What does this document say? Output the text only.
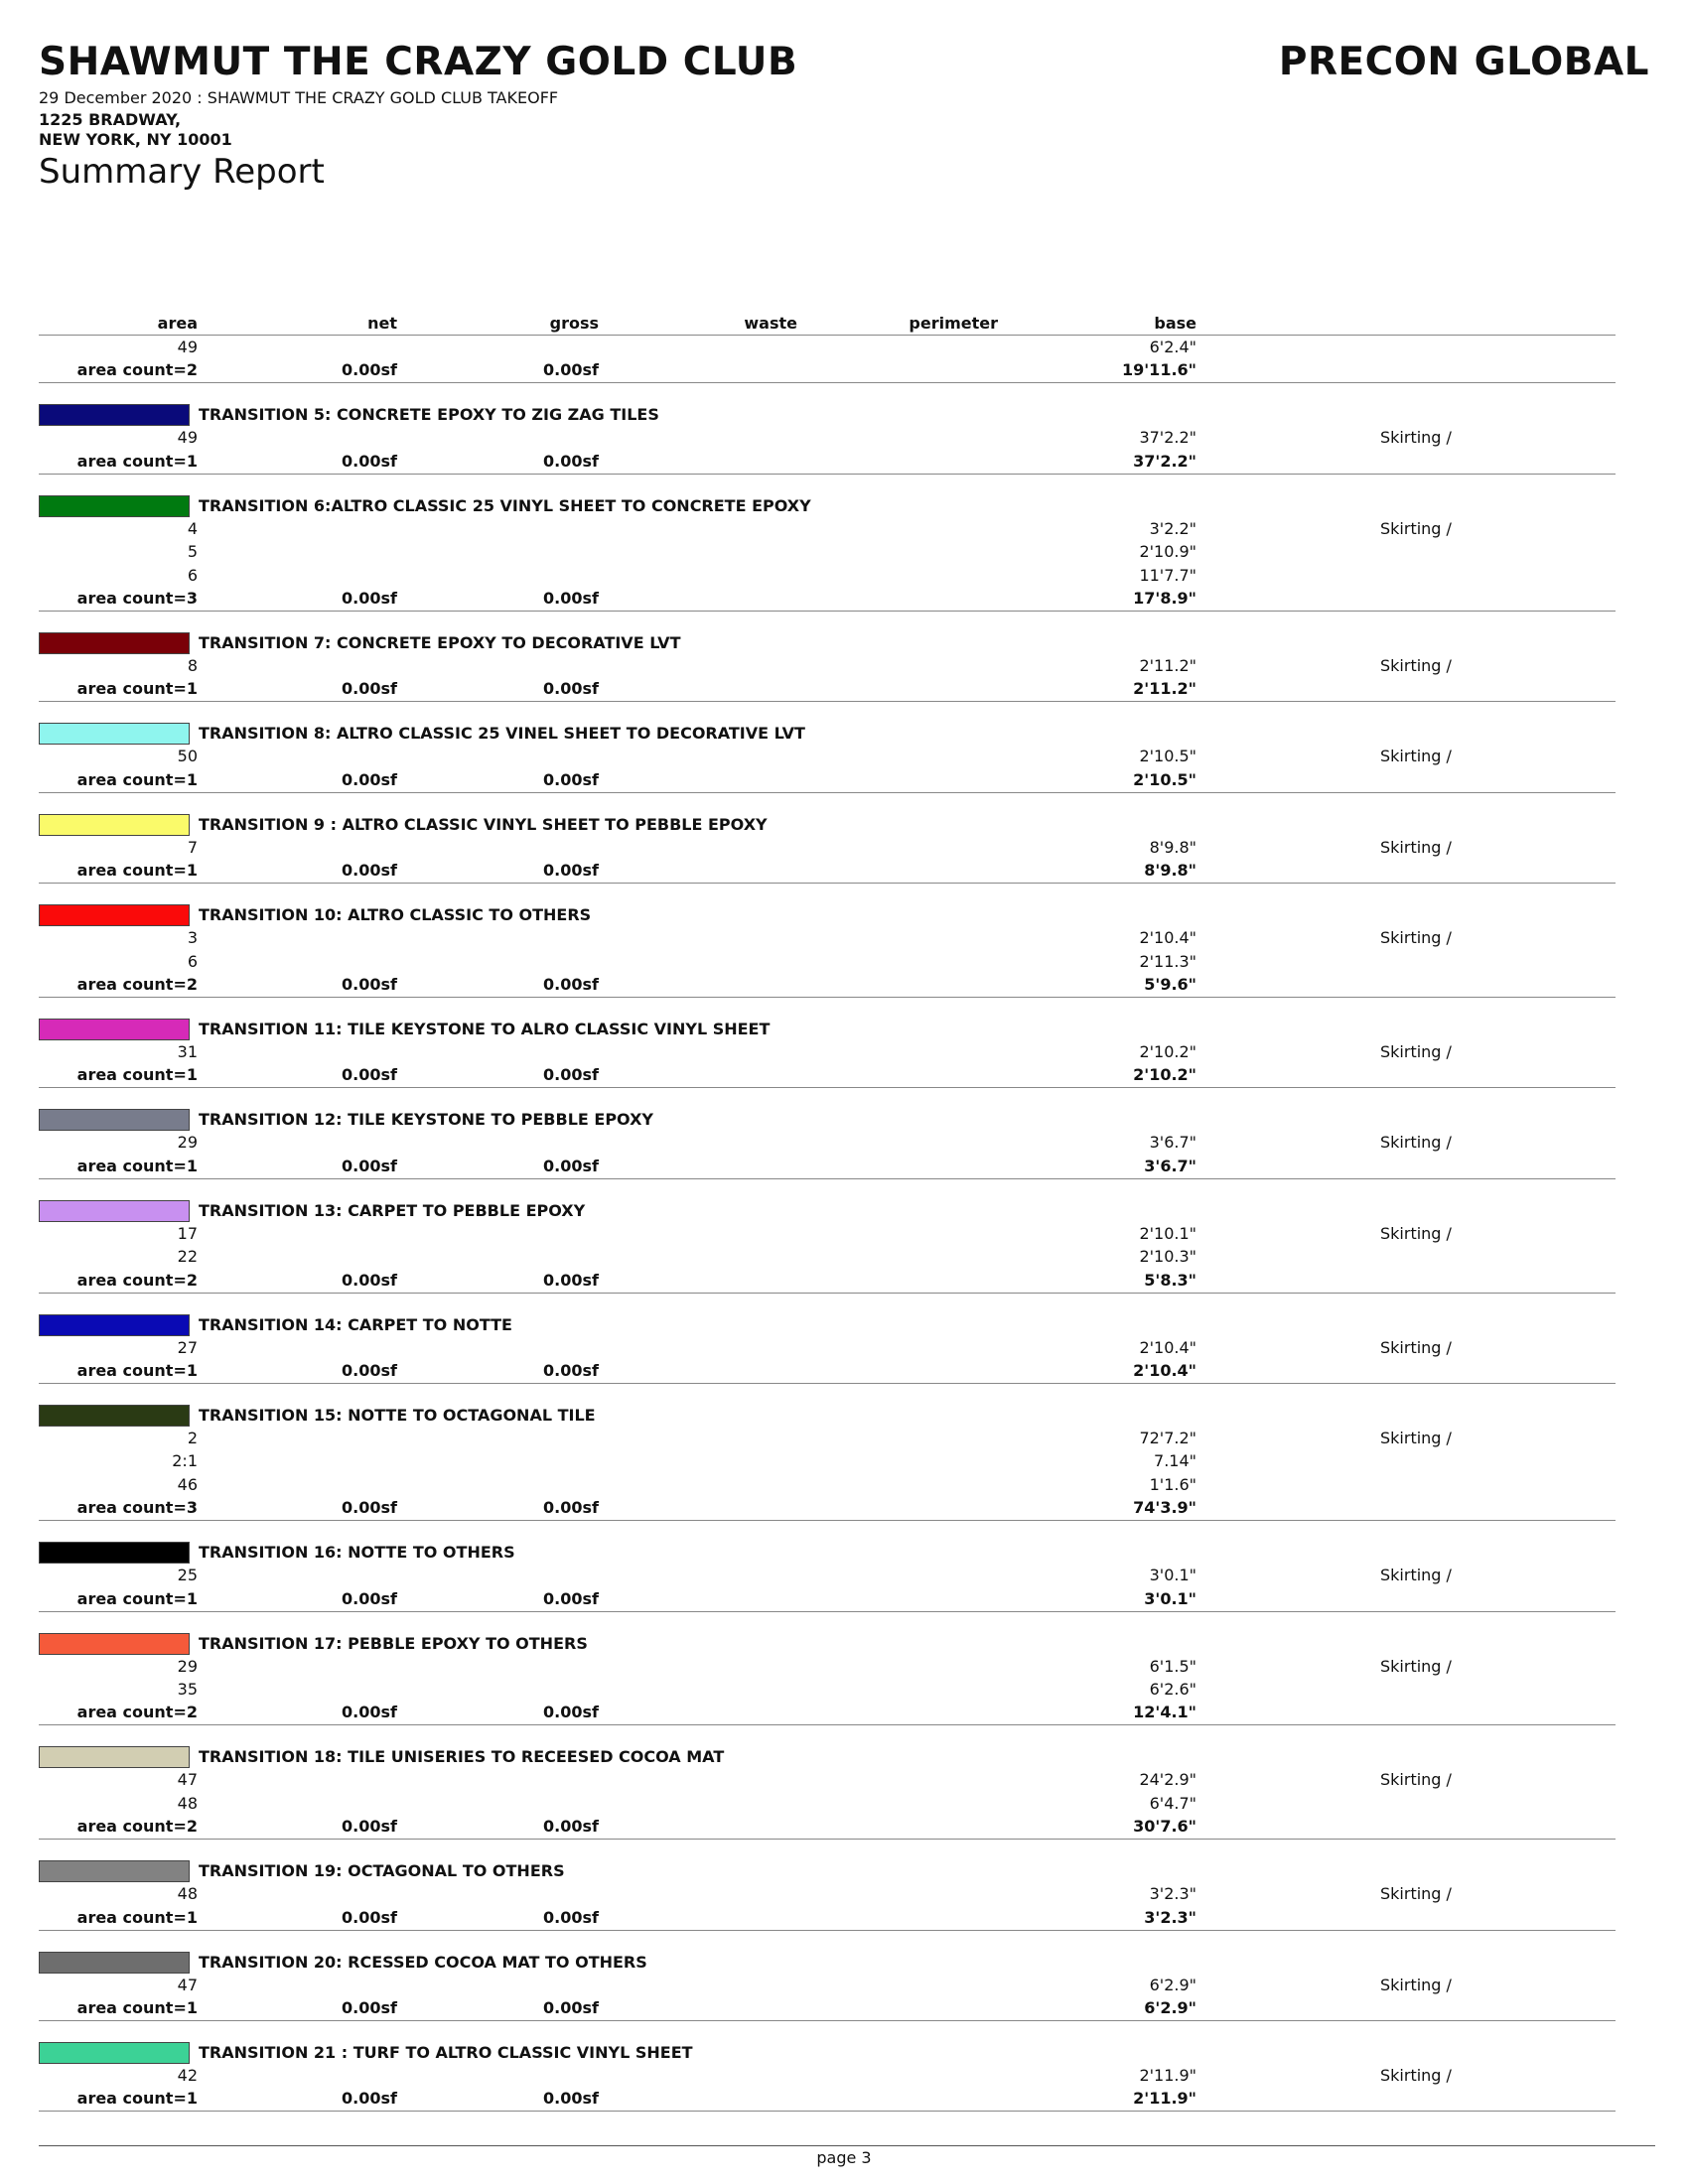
SHAWMUT THE CRAZY GOLD CLUB	PRECON GLOBAL
29 December 2020 : SHAWMUT THE CRAZY GOLD CLUB TAKEOFF
1225 BRADWAY,
NEW YORK, NY 10001
Summary Report
area	net	gross	waste	perimeter	base
49	6'2.4"
area count=2	0.00sf	0.00sf	19'11.6"
TRANSITION 5: CONCRETE EPOXY TO ZIG ZAG TILES
49	37'2.2"	Skirting /
area count=1	0.00sf	0.00sf	37'2.2"
TRANSITION 6:ALTRO CLASSIC 25 VINYL SHEET TO CONCRETE EPOXY
4	3'2.2"	Skirting /
5	2'10.9"
6	11'7.7"
area count=3	0.00sf	0.00sf	17'8.9"
TRANSITION 7: CONCRETE EPOXY TO DECORATIVE LVT
8	2'11.2"	Skirting /
area count=1	0.00sf	0.00sf	2'11.2"
TRANSITION 8: ALTRO CLASSIC 25 VINEL SHEET TO DECORATIVE LVT
50	2'10.5"	Skirting /
area count=1	0.00sf	0.00sf	2'10.5"
TRANSITION 9 : ALTRO CLASSIC VINYL SHEET TO PEBBLE EPOXY
7	8'9.8"	Skirting /
area count=1	0.00sf	0.00sf	8'9.8"
TRANSITION 10: ALTRO CLASSIC TO OTHERS
3	2'10.4"	Skirting /
6	2'11.3"
area count=2	0.00sf	0.00sf	5'9.6"
TRANSITION 11: TILE KEYSTONE TO ALRO CLASSIC VINYL SHEET
31	2'10.2"	Skirting /
area count=1	0.00sf	0.00sf	2'10.2"
TRANSITION 12: TILE KEYSTONE TO PEBBLE EPOXY
29	3'6.7"	Skirting /
area count=1	0.00sf	0.00sf	3'6.7"
TRANSITION 13: CARPET TO PEBBLE EPOXY
17	2'10.1"	Skirting /
22	2'10.3"
area count=2	0.00sf	0.00sf	5'8.3"
TRANSITION 14: CARPET TO NOTTE
27	2'10.4"	Skirting /
area count=1	0.00sf	0.00sf	2'10.4"
TRANSITION 15: NOTTE TO OCTAGONAL TILE
2	72'7.2"	Skirting /
2:1	7.14"
46	1'1.6"
area count=3	0.00sf	0.00sf	74'3.9"
TRANSITION 16: NOTTE TO OTHERS
25	3'0.1"	Skirting /
area count=1	0.00sf	0.00sf	3'0.1"
TRANSITION 17: PEBBLE EPOXY TO OTHERS
29	6'1.5"	Skirting /
35	6'2.6"
area count=2	0.00sf	0.00sf	12'4.1"
TRANSITION 18: TILE UNISERIES TO RECEESED COCOA MAT
47	24'2.9"	Skirting /
48	6'4.7"
area count=2	0.00sf	0.00sf	30'7.6"
TRANSITION 19: OCTAGONAL TO OTHERS
48	3'2.3"	Skirting /
area count=1	0.00sf	0.00sf	3'2.3"
TRANSITION 20: RCESSED COCOA MAT TO OTHERS
47	6'2.9"	Skirting /
area count=1	0.00sf	0.00sf	6'2.9"
TRANSITION 21 : TURF TO ALTRO CLASSIC VINYL SHEET
42	2'11.9"	Skirting /
area count=1	0.00sf	0.00sf	2'11.9"
page 3
